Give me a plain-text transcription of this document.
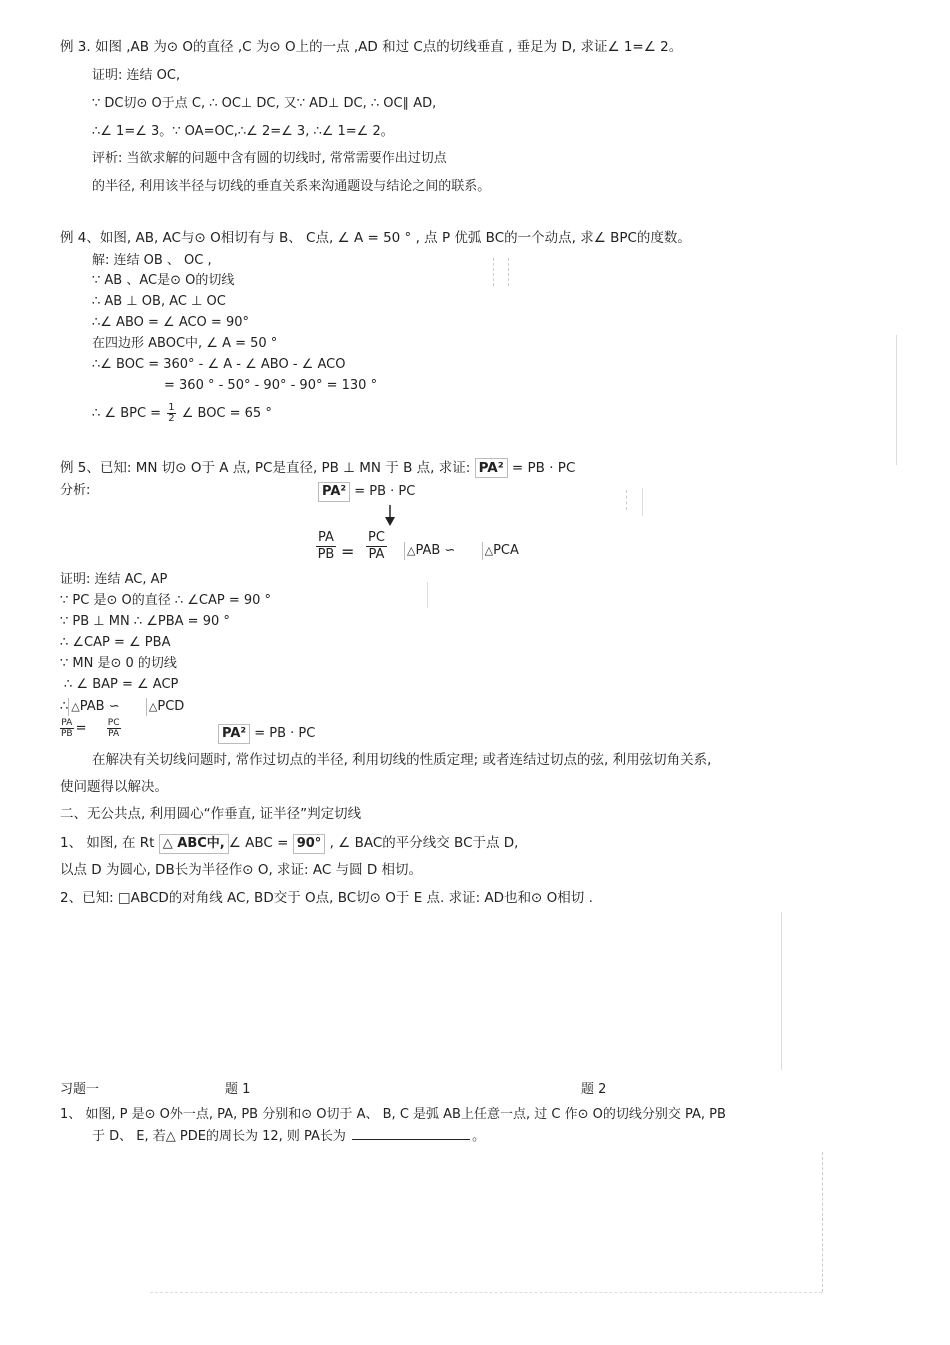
例 3. 如图 ,AB 为⊙ O的直径 ,C 为⊙ O上的一点 ,AD 和过 C点的切线垂直 , 垂足为 D, 求证∠ 1=∠ 2。
证明: 连结 OC,
∵ DC切⊙ O于点 C, ∴ OC⊥ DC, 又∵ AD⊥ DC, ∴ OC∥ AD,
∴∠ 1=∠ 3。∵ OA=OC,∴∠ 2=∠ 3, ∴∠ 1=∠ 2。
评析: 当欲求解的问题中含有圆的切线时, 常常需要作出过切点
的半径, 利用该半径与切线的垂直关系来沟通题设与结论之间的联系。
例 4、如图, AB, AC与⊙ O相切有与 B、 C点, ∠ A = 50 ° , 点 P 优弧 BC的一个动点, 求∠ BPC的度数。
解: 连结 OB 、 OC ,
∵ AB 、AC是⊙ O的切线
∴ AB ⊥ OB, AC ⊥ OC
∴∠ ABO = ∠ ACO = 90°
在四边形 ABOC中, ∠ A = 50 °
∴∠ BOC = 360° - ∠ A - ∠ ABO - ∠ ACO
= 360 ° - 50° - 90° - 90° = 130 °
∴ ∠ BPC = $\frac{1}{2}$ ∠ BOC = 65 °
例 5、已知: MN 切⊙ O于 A 点, PC是直径, PB ⊥ MN 于 B 点, 求证: PA² = PB · PC
分析:	PA² = PB · PC
$\frac{PA}{PB} = \frac{PC}{PA}$ △PAB ∽	△PCA
证明: 连结 AC, AP
∵ PC 是⊙ O的直径 ∴ ∠CAP = 90 °
∵ PB ⊥ MN ∴ ∠PBA = 90 °
∴ ∠CAP = ∠ PBA
∵ MN 是⊙ 0 的切线
∴ ∠ BAP = ∠ ACP
∴ △PAB ∽	△PCD
$\frac{PA}{PB} = \frac{PC}{PA}$	PA² = PB · PC
在解决有关切线问题时, 常作过切点的半径, 利用切线的性质定理; 或者连结过切点的弦, 利用弦切角关系,
使问题得以解决。
二、无公共点, 利用圆心“作垂直, 证半径”判定切线
1、 如图, 在 Rt △ ABC中, ∠ ABC = 90° , ∠ BAC的平分线交 BC于点 D,
以点 D 为圆心, DB长为半径作⊙ O, 求证: AC 与圆 D 相切。
2、已知: □ABCD的对角线 AC, BD交于 O点, BC切⊙ O于 E 点. 求证: AD也和⊙ O相切 .
习题一	题 1	题 2
1、 如图, P 是⊙ O外一点, PA, PB 分别和⊙ O切于 A、 B, C 是弧 AB上任意一点, 过 C 作⊙ O的切线分别交 PA, PB
于 D、 E, 若△ PDE的周长为 12, 则 PA长为	。
